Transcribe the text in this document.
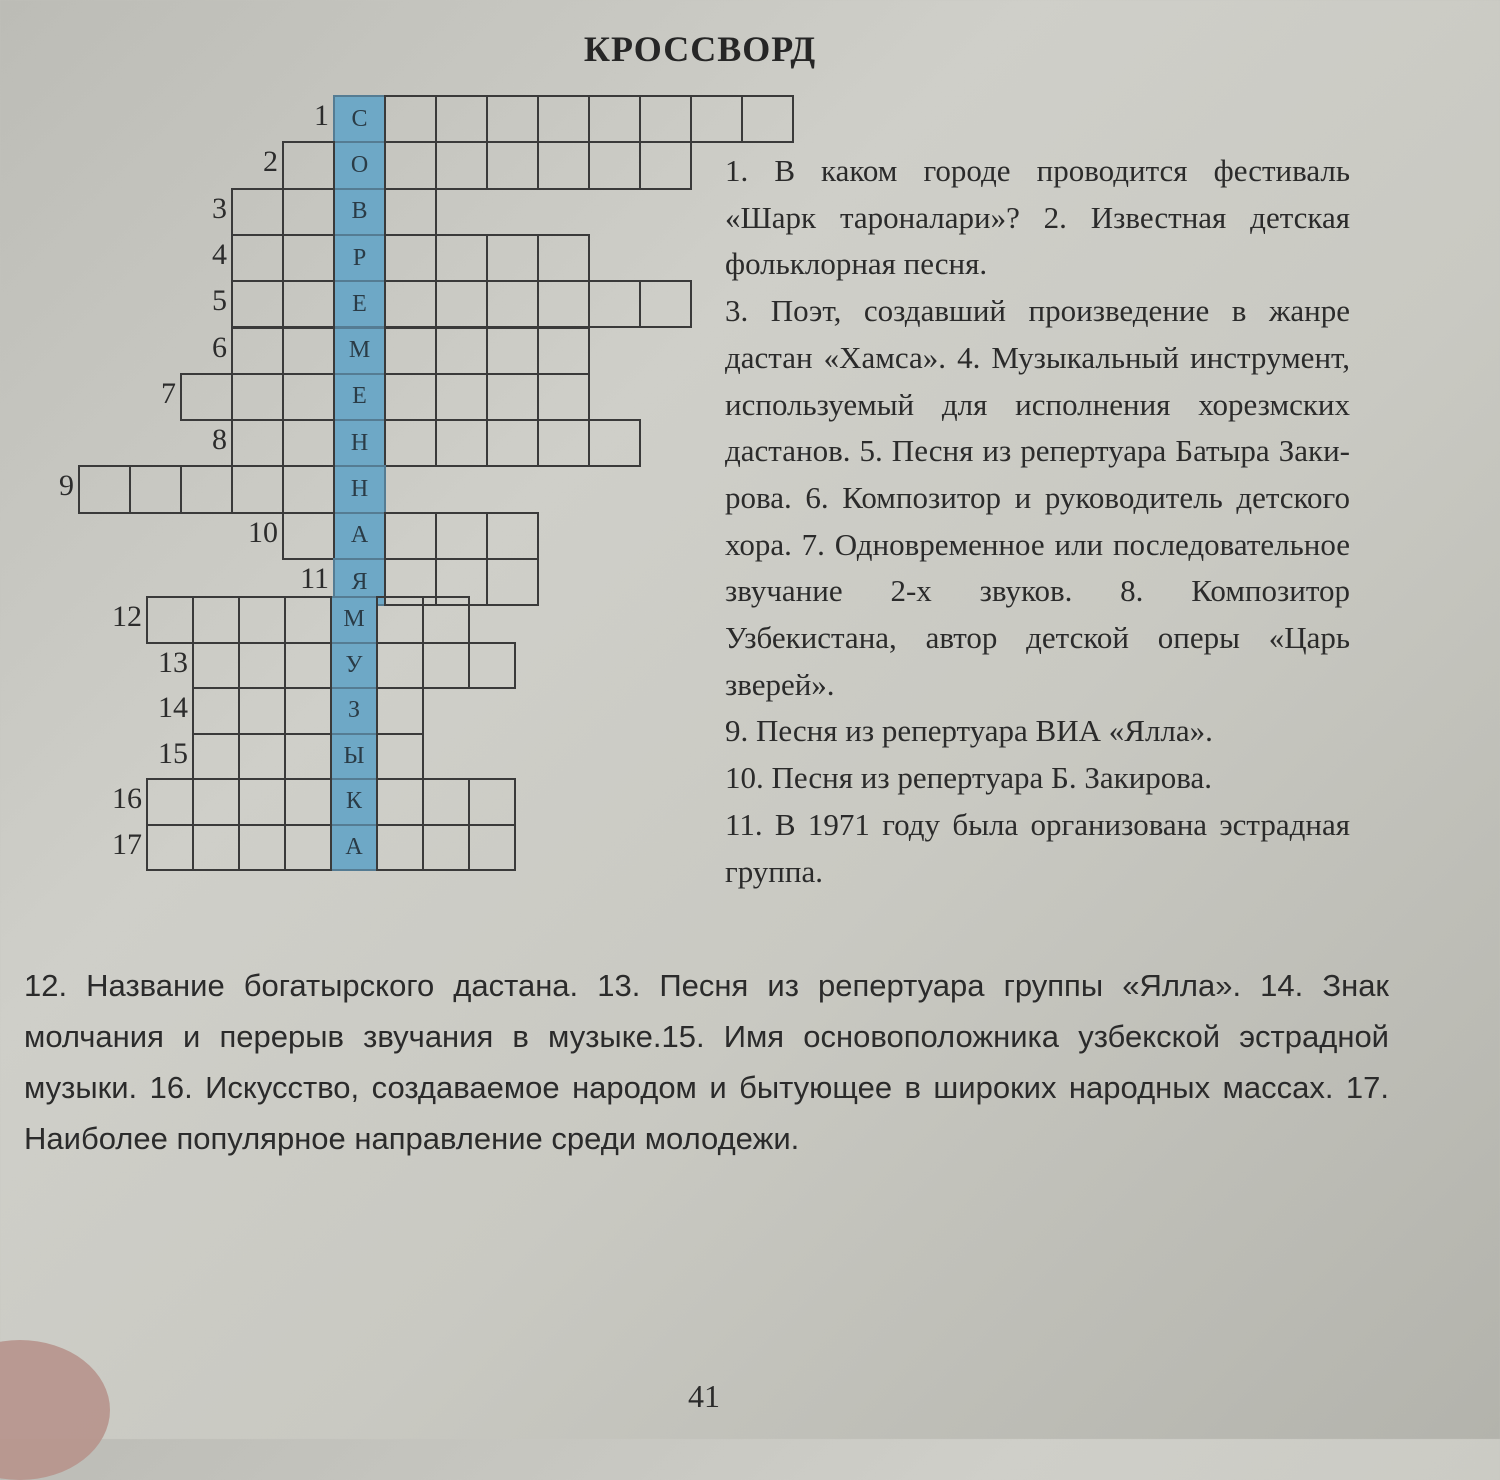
КРОССВОРД
С
1
О
2
В
3
Р
4
Е
5
М
6
Е
7
Н
8
Н
9
А
10
Я
11
М
12
У
13
З
14
Ы
15
К
16
А
17

1. В каком городе проводится фестиваль «Шарк тароналари»? 2. Известная детская фольклорная песня.

3. Поэт, создавший произведение в жанре дастан «Хамса». 4. Музыкальный инструмент, используемый для исполнения хорезмских дастанов. 5. Песня из репертуара Батыра Закирова. 6. Композитор и руководитель детского хора. 7. Одновременное или последовательное звучание 2-х звуков. 8. Композитор Узбекистана, автор детской оперы «Царь зверей».

9. Песня из репертуара ВИА «Ялла».

10. Песня из репертуара Б. Закирова.

11. В 1971 году была организована эстрадная группа.

12. Название богатырского дастана. 13. Песня из репертуара группы «Ялла». 14. Знак молчания и перерыв звучания в музыке.15. Имя основоположника узбекской эстрадной музыки. 16. Искусство, создаваемое народом и бытующее в широких народных массах. 17. Наиболее популярное направление среди молодежи.
41
